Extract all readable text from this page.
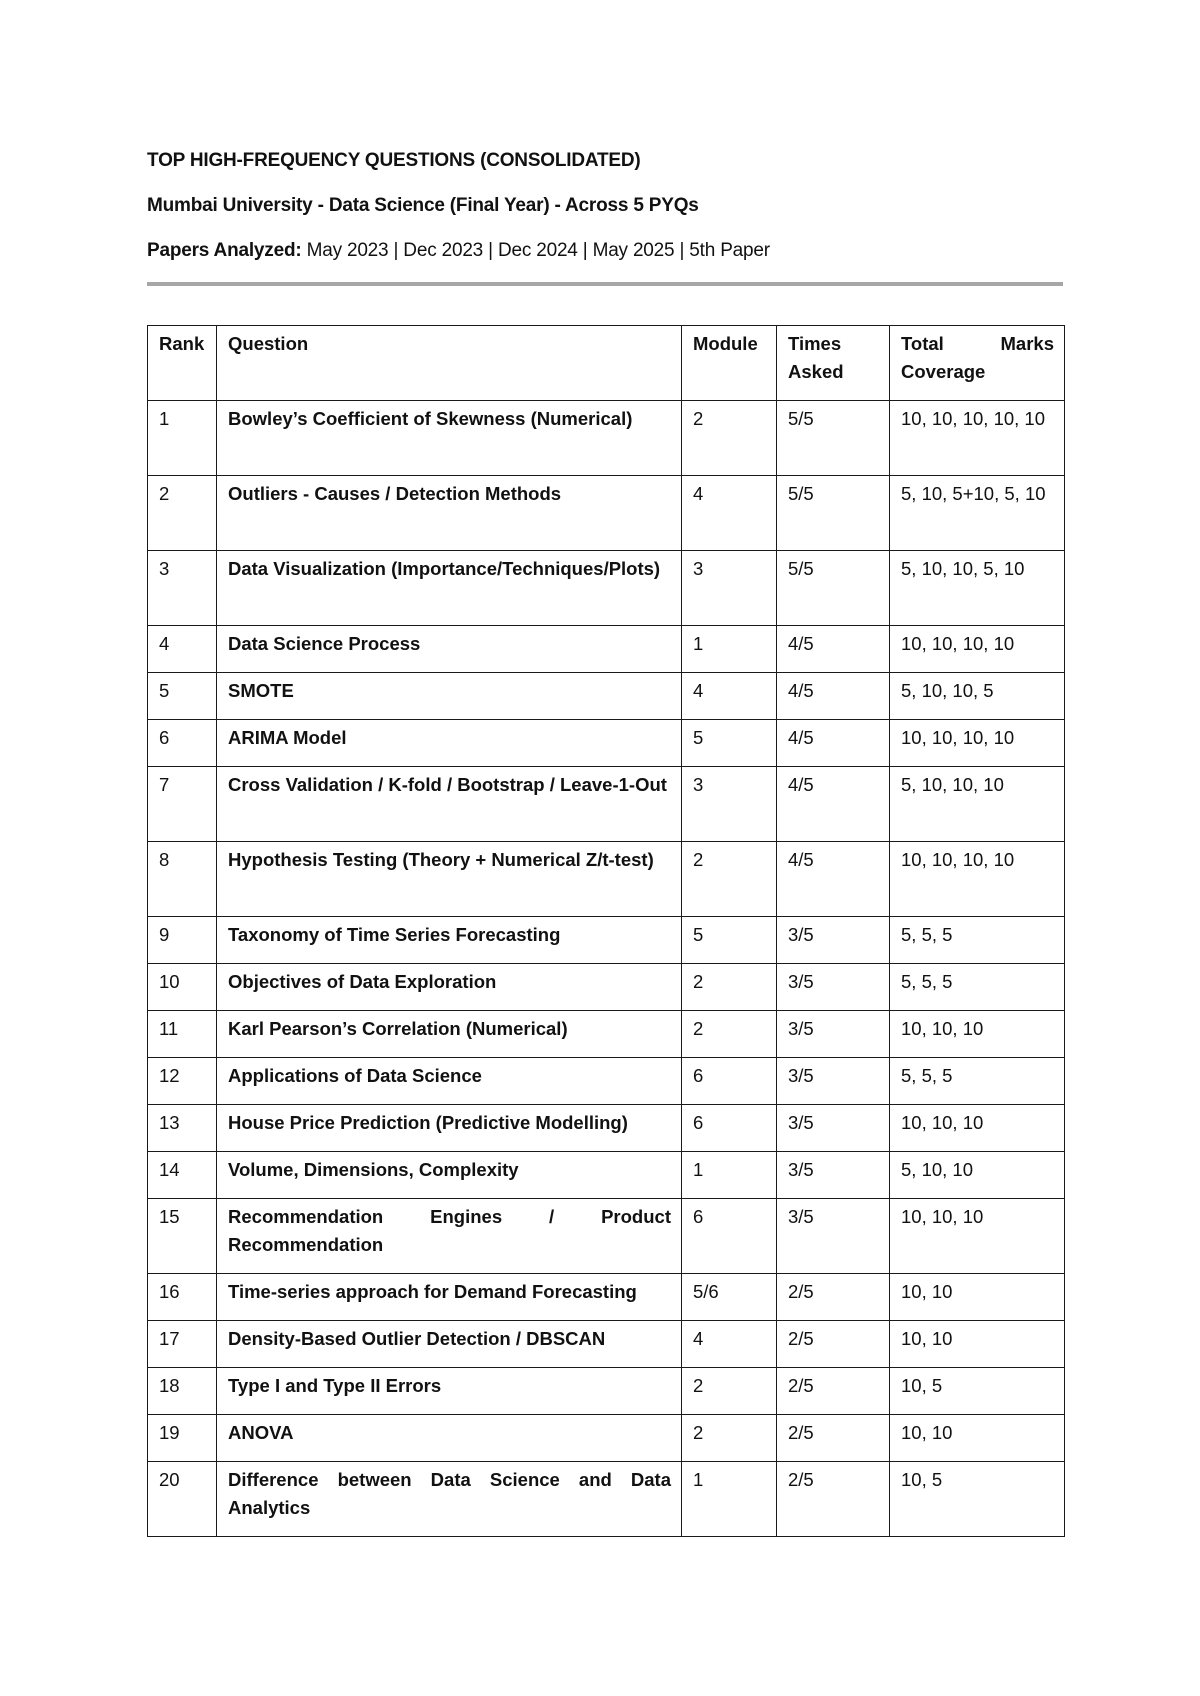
TOP HIGH-FREQUENCY QUESTIONS (CONSOLIDATED)

Mumbai University - Data Science (Final Year) - Across 5 PYQs

Papers Analyzed: May 2023 | Dec 2023 | Dec 2024 | May 2025 | 5th Paper

Rank	Question	Module	Times Asked	Total Marks Coverage
1	Bowley’s Coefficient of Skewness (Numerical)	2	5/5	10, 10, 10, 10, 10
2	Outliers - Causes / Detection Methods	4	5/5	5, 10, 5+10, 5, 10
3	Data Visualization (Importance/Techniques/Plots)	3	5/5	5, 10, 10, 5, 10
4	Data Science Process	1	4/5	10, 10, 10, 10
5	SMOTE	4	4/5	5, 10, 10, 5
6	ARIMA Model	5	4/5	10, 10, 10, 10
7	Cross Validation / K-fold / Bootstrap / Leave-1-Out	3	4/5	5, 10, 10, 10
8	Hypothesis Testing (Theory + Numerical Z/t-test)	2	4/5	10, 10, 10, 10
9	Taxonomy of Time Series Forecasting	5	3/5	5, 5, 5
10	Objectives of Data Exploration	2	3/5	5, 5, 5
11	Karl Pearson’s Correlation (Numerical)	2	3/5	10, 10, 10
12	Applications of Data Science	6	3/5	5, 5, 5
13	House Price Prediction (Predictive Modelling)	6	3/5	10, 10, 10
14	Volume, Dimensions, Complexity	1	3/5	5, 10, 10
15	Recommendation Engines / Product Recommendation	6	3/5	10, 10, 10
16	Time-series approach for Demand Forecasting	5/6	2/5	10, 10
17	Density-Based Outlier Detection / DBSCAN	4	2/5	10, 10
18	Type I and Type II Errors	2	2/5	10, 5
19	ANOVA	2	2/5	10, 10
20	Difference between Data Science and Data Analytics	1	2/5	10, 5
